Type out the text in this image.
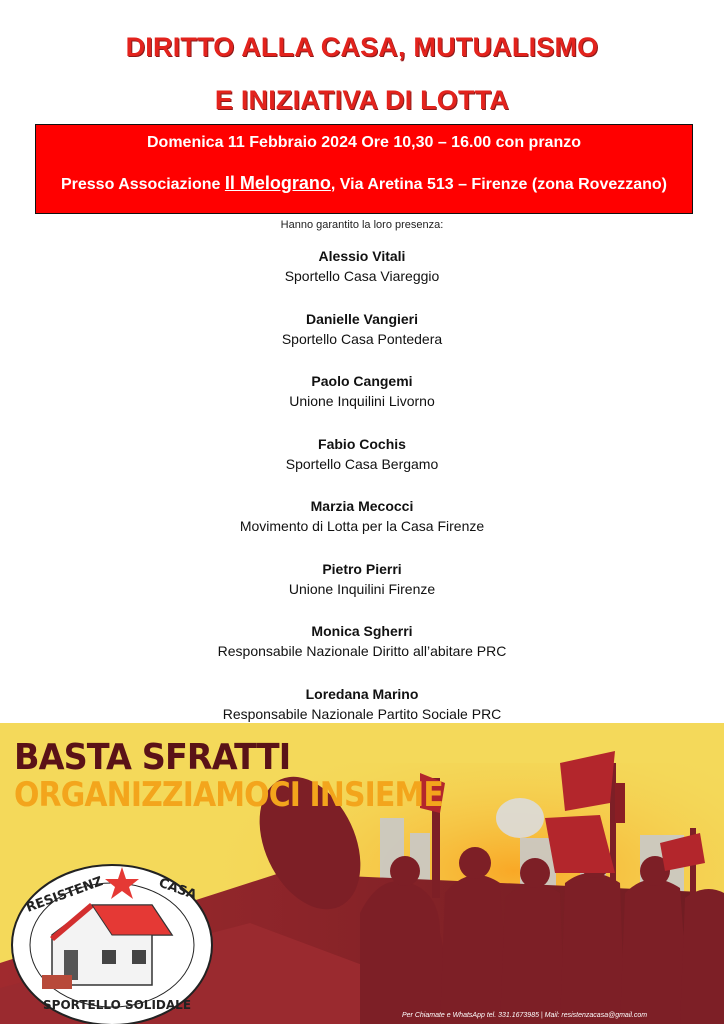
DIRITTO ALLA CASA, MUTUALISMO
E INIZIATIVA DI LOTTA
Domenica 11 Febbraio 2024 Ore 10,30 – 16.00 con pranzo
Presso Associazione Il Melograno, Via Aretina 513 – Firenze (zona Rovezzano)
Hanno garantito la loro presenza:
Alessio Vitali
Sportello Casa Viareggio
Danielle Vangieri
Sportello Casa Pontedera
Paolo Cangemi
Unione Inquilini Livorno
Fabio Cochis
Sportello Casa Bergamo
Marzia Mecocci
Movimento di Lotta per la Casa Firenze
Pietro Pierri
Unione Inquilini Firenze
Monica Sgherri
Responsabile Nazionale Diritto all’abitare PRC
Loredana Marino
Responsabile Nazionale Partito Sociale PRC
BASTA SFRATTI
ORGANIZZIAMOCI INSIEME
RESISTENZ	CASA
SPORTELLO SOLIDALE
Per Chiamate e WhatsApp tel. 331.1673985 | Mail: resistenzacasa@gmail.com
